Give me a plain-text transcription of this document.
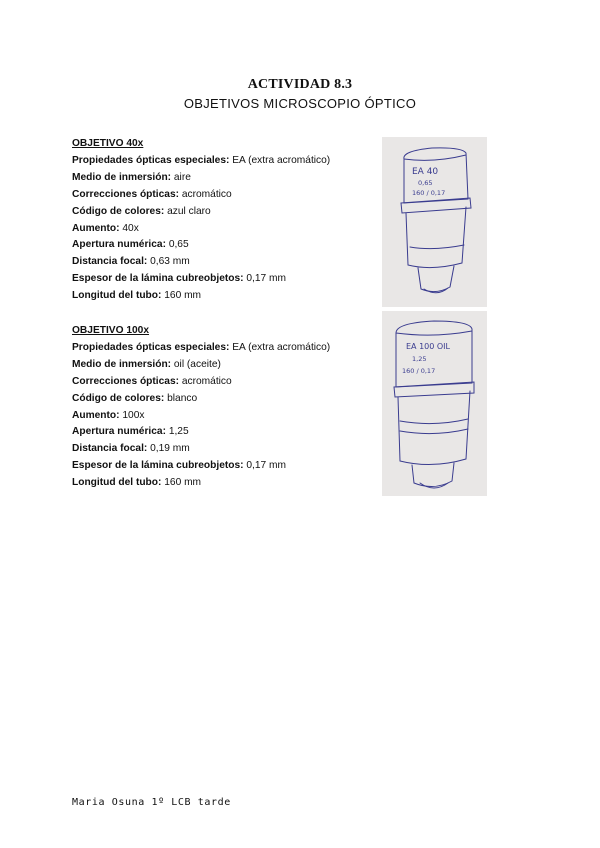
ACTIVIDAD 8.3
OBJETIVOS MICROSCOPIO ÓPTICO
OBJETIVO 40x
Propiedades ópticas especiales: EA (extra acromático)
Medio de inmersión: aire
Correcciones ópticas: acromático
Código de colores: azul claro
Aumento: 40x
Apertura numérica: 0,65
Distancia focal: 0,63 mm
Espesor de la lámina cubreobjetos: 0,17 mm
Longitud del tubo: 160 mm
EA 40
0,65
160 / 0,17
OBJETIVO 100x
Propiedades ópticas especiales: EA (extra acromático)
Medio de inmersión: oil (aceite)
Correcciones ópticas: acromático
Código de colores: blanco
Aumento: 100x
Apertura numérica: 1,25
Distancia focal: 0,19 mm
Espesor de la lámina cubreobjetos: 0,17 mm
Longitud del tubo: 160 mm
EA 100 OIL
1,25
160 / 0,17
Maria Osuna 1º LCB tarde
